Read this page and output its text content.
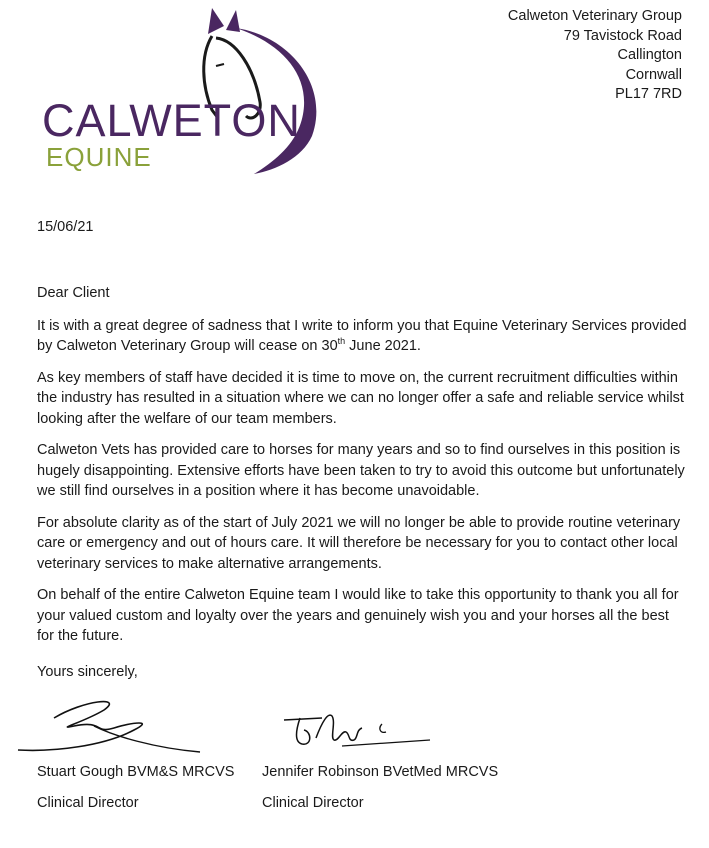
CALWETON
EQUINE
Calweton Veterinary Group
79 Tavistock Road
Callington
Cornwall
PL17 7RD
15/06/21

Dear Client

It is with a great degree of sadness that I write to inform you that Equine Veterinary Services provided by Calweton Veterinary Group will cease on 30th June 2021.

As key members of staff have decided it is time to move on, the current recruitment difficulties within the industry has resulted in a situation where we can no longer offer a safe and reliable service whilst looking after the welfare of our team members.

Calweton Vets has provided care to horses for many years and so to find ourselves in this position is hugely disappointing. Extensive efforts have been taken to try to avoid this outcome but unfortunately we still find ourselves in a position where it has become unavoidable.

For absolute clarity as of the start of July 2021 we will no longer be able to provide routine veterinary care or emergency and out of hours care. It will therefore be necessary for you to contact other local veterinary services to make alternative arrangements.

On behalf of the entire Calweton Equine team I would like to take this opportunity to thank you all for your valued custom and loyalty over the years and genuinely wish you and your horses all the best for the future.

Yours sincerely,
Stuart Gough BVM&S MRCVS
Clinical Director
Jennifer Robinson BVetMed MRCVS
Clinical Director
